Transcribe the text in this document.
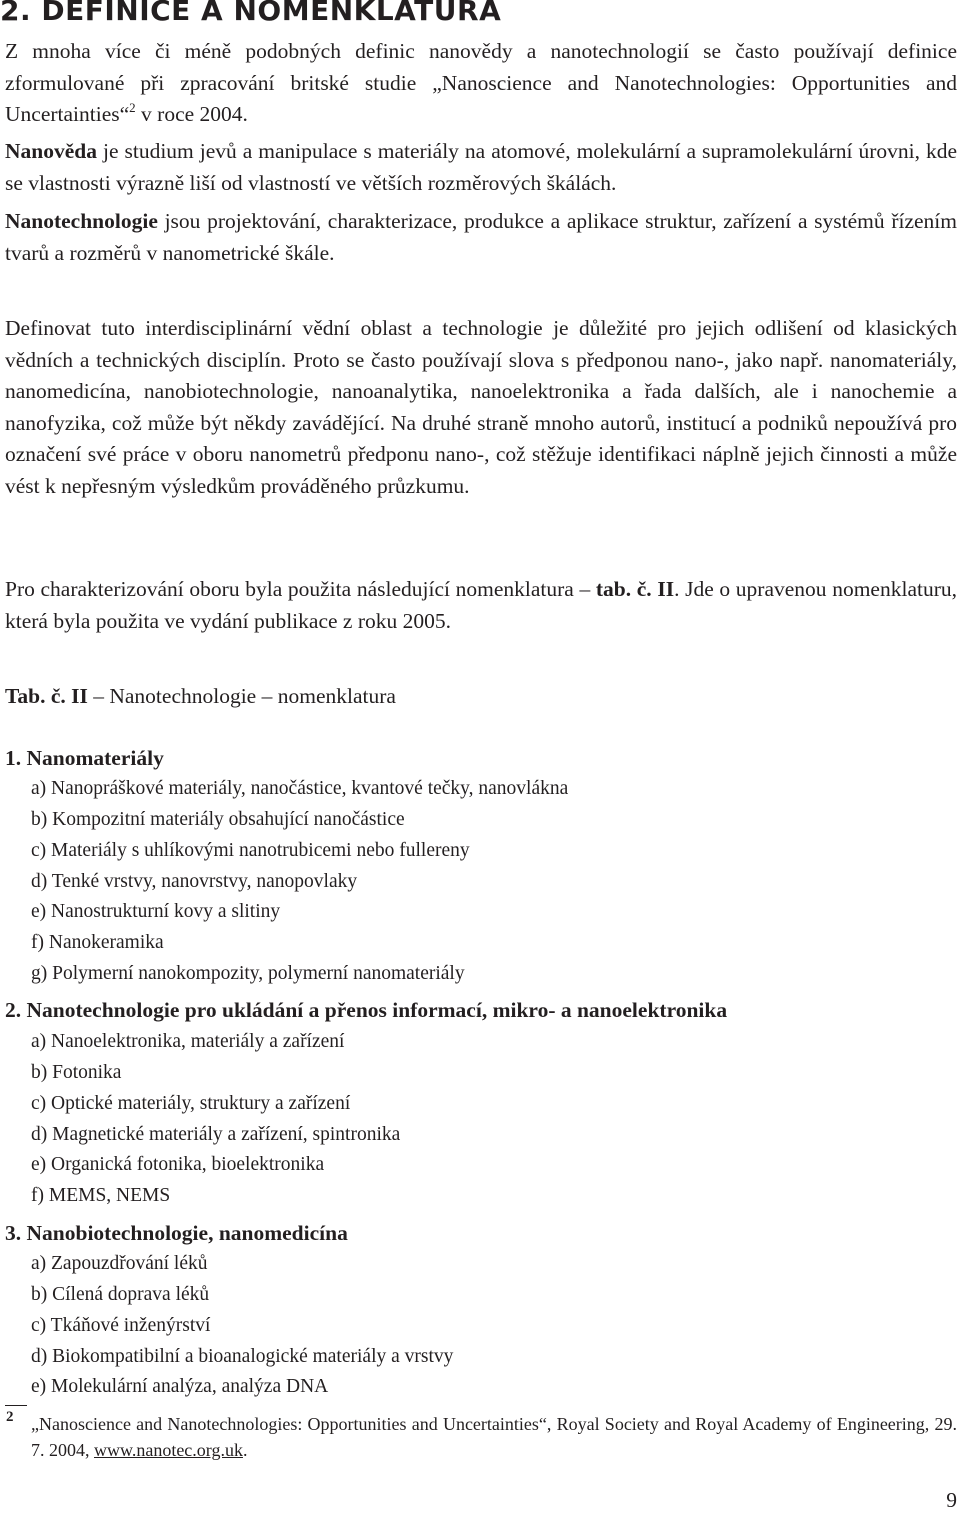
2. DEFINICE A NOMENKLATURA

Z mnoha více či méně podobných definic nanovědy a nanotechnologií se často používají definice zformulované při zpracování britské studie „Nanoscience and Nanotechnologies: Opportunities and Uncertainties“$^2$ v roce 2004.

Nanověda je studium jevů a manipulace s materiály na atomové, molekulární a supramolekulární úrovni, kde se vlastnosti výrazně liší od vlastností ve větších rozměrových škálách.

Nanotechnologie jsou projektování, charakterizace, produkce a aplikace struktur, zařízení a systémů řízením tvarů a rozměrů v nanometrické škále.

Definovat tuto interdisciplinární vědní oblast a technologie je důležité pro jejich odlišení od klasických vědních a technických disciplín. Proto se často používají slova s předponou nano-, jako např. nanomateriály, nanomedicína, nanobiotechnologie, nanoanalytika, nanoelektronika a řada dalších, ale i nanochemie a nanofyzika, což může být někdy zavádějící. Na druhé straně mnoho autorů, institucí a podniků nepoužívá pro označení své práce v oboru nanometrů předponu nano-, což stěžuje identifikaci náplně jejich činnosti a může vést k nepřesným výsledkům prováděného průzkumu.

Pro charakterizování oboru byla použita následující nomenklatura – tab. č. II. Jde o upravenou nomenklaturu, která byla použita ve vydání publikace z roku 2005.

Tab. č. II – Nanotechnologie – nomenklatura

1. Nanomateriály

a) Nanopráškové materiály, nanočástice, kvantové tečky, nanovlákna

b) Kompozitní materiály obsahující nanočástice

c) Materiály s uhlíkovými nanotrubicemi nebo fullereny

d) Tenké vrstvy, nanovrstvy, nanopovlaky

e) Nanostrukturní kovy a slitiny

f) Nanokeramika

g) Polymerní nanokompozity, polymerní nanomateriály

2. Nanotechnologie pro ukládání a přenos informací, mikro- a nanoelektronika

a) Nanoelektronika, materiály a zařízení

b) Fotonika

c) Optické materiály, struktury a zařízení

d) Magnetické materiály a zařízení, spintronika

e) Organická fotonika, bioelektronika

f) MEMS, NEMS

3. Nanobiotechnologie, nanomedicína

a) Zapouzdřování léků

b) Cílená doprava léků

c) Tkáňové inženýrství

d) Biokompatibilní a bioanalogické materiály a vrstvy

e) Molekulární analýza, analýza DNA

2 „Nanoscience and Nanotechnologies: Opportunities and Uncertainties“, Royal Society and Royal Academy of Engineering, 29. 7. 2004, www.nanotec.org.uk.

9
